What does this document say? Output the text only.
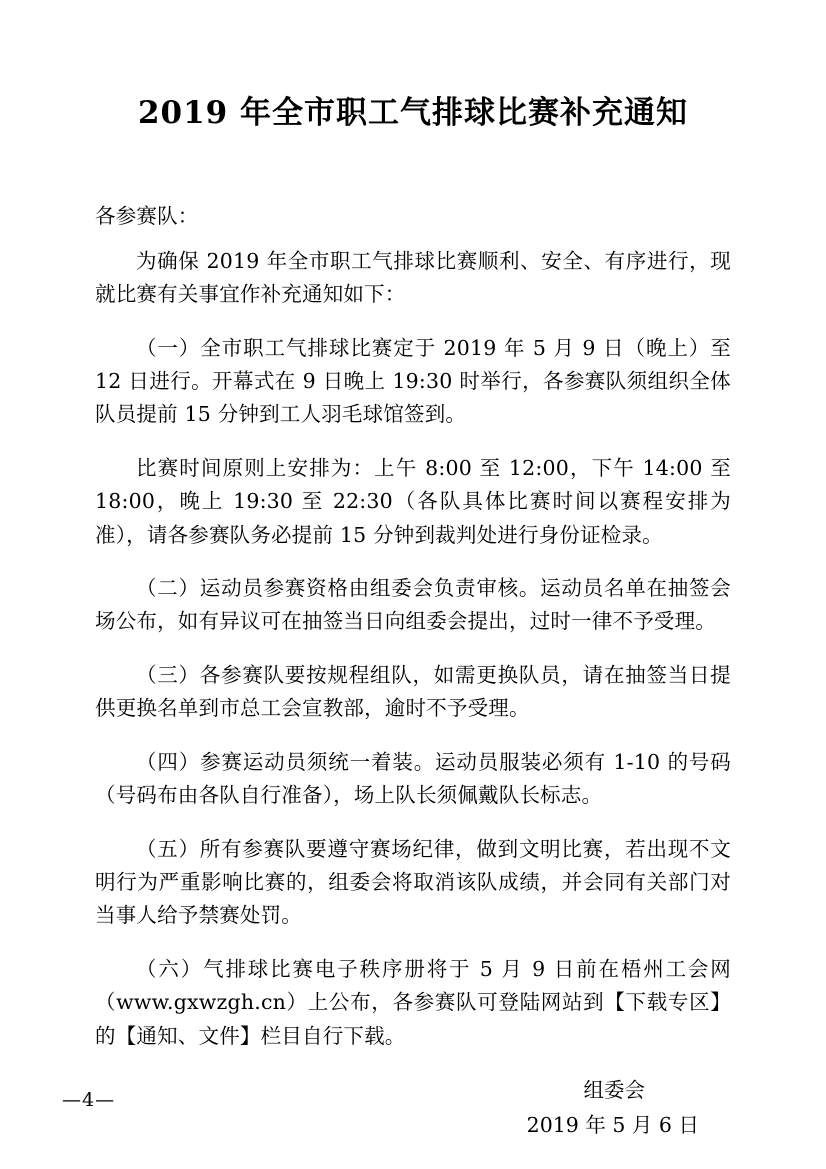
2019 年全市职工气排球比赛补充通知
各参赛队：

为确保 2019 年全市职工气排球比赛顺利、安全、有序进行，现就比赛有关事宜作补充通知如下：

（一）全市职工气排球比赛定于 2019 年 5 月 9 日（晚上）至 12 日进行。开幕式在 9 日晚上 19:30 时举行，各参赛队须组织全体队员提前 15 分钟到工人羽毛球馆签到。

比赛时间原则上安排为：上午 8:00 至 12:00，下午 14:00 至 18:00，晚上 19:30 至 22:30（各队具体比赛时间以赛程安排为准），请各参赛队务必提前 15 分钟到裁判处进行身份证检录。

（二）运动员参赛资格由组委会负责审核。运动员名单在抽签会场公布，如有异议可在抽签当日向组委会提出，过时一律不予受理。

（三）各参赛队要按规程组队，如需更换队员，请在抽签当日提供更换名单到市总工会宣教部，逾时不予受理。

（四）参赛运动员须统一着装。运动员服装必须有 1-10 的号码（号码布由各队自行准备），场上队长须佩戴队长标志。

（五）所有参赛队要遵守赛场纪律，做到文明比赛，若出现不文明行为严重影响比赛的，组委会将取消该队成绩，并会同有关部门对当事人给予禁赛处罚。

（六）气排球比赛电子秩序册将于 5 月 9 日前在梧州工会网（www.gxwzgh.cn）上公布，各参赛队可登陆网站到【下载专区】的【通知、文件】栏目自行下载。

组委会
2019 年 5 月 6 日
—4—
